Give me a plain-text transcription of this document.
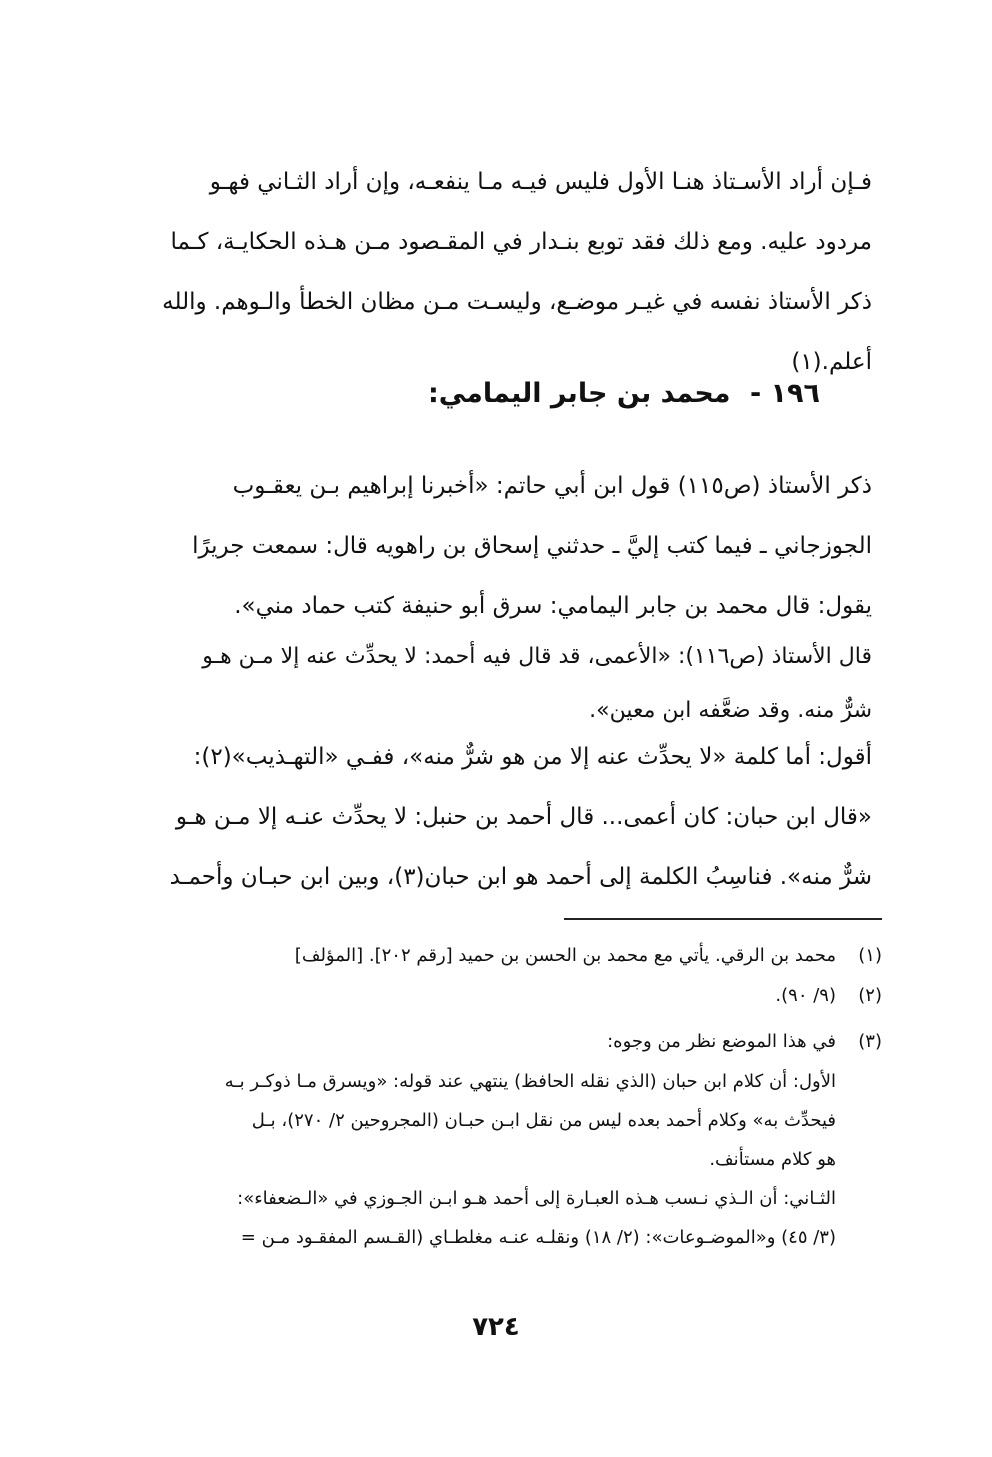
فـإن أراد الأسـتاذ هنـا الأول فليس فيـه مـا ينفعـه، وإن أراد الثـاني فهـو
مردود عليه. ومع ذلك فقد توبع بنـدار في المقـصود مـن هـذه الحكايـة، كـما
ذكر الأستاذ نفسه في غيـر موضـع، وليسـت مـن مظان الخطأ والـوهم. والله
أعلم.(١)
١٩٦ - محمد بن جابر اليمامي:
ذكر الأستاذ (ص١١٥) قول ابن أبي حاتم: «أخبرنا إبراهيم بـن يعقـوب
الجوزجاني ـ فيما كتب إليَّ ـ حدثني إسحاق بن راهويه قال: سمعت جريرًا
يقول: قال محمد بن جابر اليمامي: سرق أبو حنيفة كتب حماد مني».
قال الأستاذ (ص١١٦): «الأعمى، قد قال فيه أحمد: لا يحدِّث عنه إلا مـن هـو
شرٌّ منه. وقد ضعَّفه ابن معين».
أقول: أما كلمة «لا يحدِّث عنه إلا من هو شرٌّ منه»، ففـي «التهـذيب»(٢):
«قال ابن حبان: كان أعمى... قال أحمد بن حنبل: لا يحدِّث عنـه إلا مـن هـو
شرٌّ منه». فناسِبُ الكلمة إلى أحمد هو ابن حبان(٣)، وبين ابن حبـان وأحمـد
(١)
محمد بن الرقي. يأتي مع محمد بن الحسن بن حميد [رقم ٢٠٢]. [المؤلف]
(٢)
(٩/ ٩٠).
(٣)
في هذا الموضع نظر من وجوه:
الأول: أن كلام ابن حبان (الذي نقله الحافظ) ينتهي عند قوله: «ويسرق مـا ذوكـر بـه
فيحدِّث به» وكلام أحمد بعده ليس من نقل ابـن حبـان (المجروحين ٢/ ٢٧٠)، بـل
هو كلام مستأنف.
الثـاني: أن الـذي نـسب هـذه العبـارة إلى أحمد هـو ابـن الجـوزي في «الـضعفاء»:
(٣/ ٤٥) و«الموضـوعات»: (٢/ ١٨) ونقلـه عنـه مغلطـاي (القـسم المفقـود مـن =
٧٢٤
